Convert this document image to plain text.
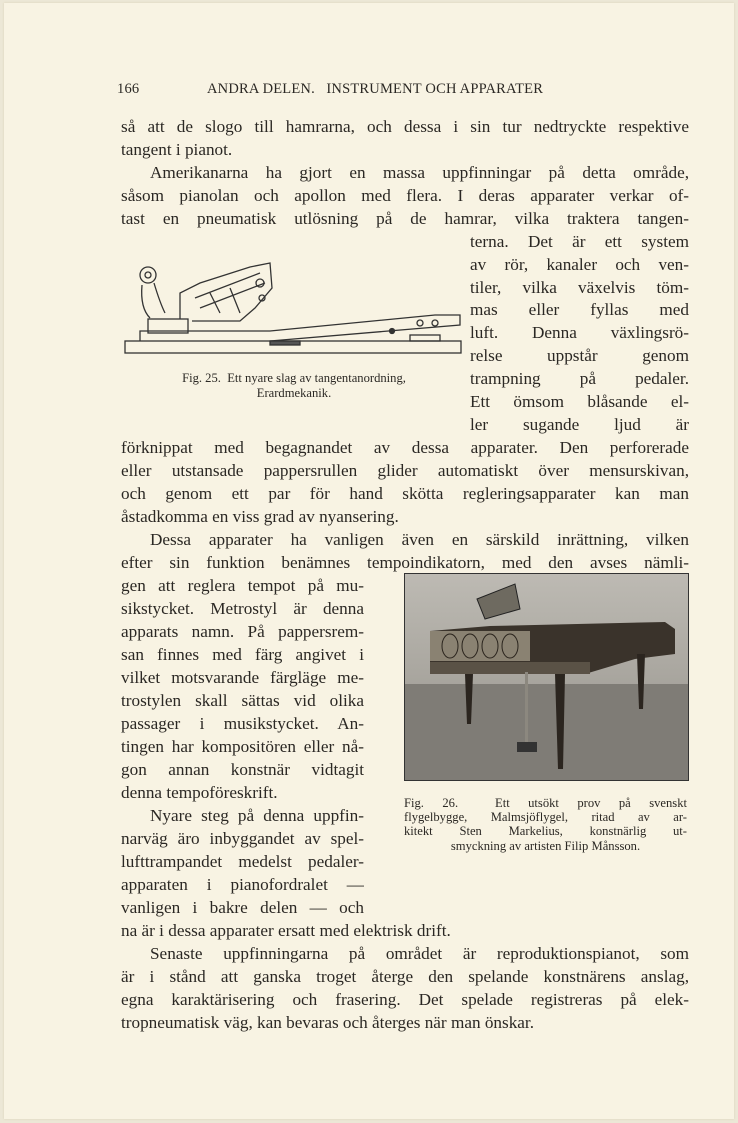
166	ANDRA DELEN.   INSTRUMENT OCH APPARATER
så att de slogo till hamrarna, och dessa i sin tur nedtryckte respektive
tangent i pianot.
Amerikanarna ha gjort en massa uppfinningar på detta område,
såsom pianolan och apollon med flera. I deras apparater verkar of-
tast en pneumatisk utlösning på de hamrar, vilka traktera tangen-
terna. Det är ett system
av rör, kanaler och ven-
tiler, vilka växelvis töm-
mas eller fyllas med
luft. Denna växlingsrö-
relse uppstår genom
trampning på pedaler.
Ett ömsom blåsande el-
ler sugande ljud är
förknippat med begagnandet av dessa apparater. Den perforerade
eller utstansade pappersrullen glider automatiskt över mensurskivan,
och genom ett par för hand skötta regleringsapparater kan man
åstadkomma en viss grad av nyansering.
Dessa apparater ha vanligen även en särskild inrättning, vilken
efter sin funktion benämnes tempoindikatorn, med den avses nämli-
gen att reglera tempot på mu-
sikstycket. Metrostyl är denna
apparats namn. På pappersrem-
san finnes med färg angivet i
vilket motsvarande färgläge me-
trostylen skall sättas vid olika
passager i musikstycket. An-
tingen har kompositören eller nå-
gon annan konstnär vidtagit
denna tempoföreskrift.
Nyare steg på denna uppfin-
narväg äro inbyggandet av spel-
lufttrampandet medelst pedaler-
apparaten i pianofordralet —
vanligen i bakre delen — och
na är i dessa apparater ersatt med elektrisk drift.
Senaste uppfinningarna på området är reproduktionspianot, som
är i stånd att ganska troget återge den spelande konstnärens anslag,
egna karaktärisering och frasering. Det spelade registreras på elek-
tropneumatisk väg, kan bevaras och återges när man önskar.
Fig. 25.  Ett nyare slag av tangentanordning,
Erardmekanik.
Fig. 26.  Ett utsökt prov på svenskt
flygelbygge, Malmsjöflygel, ritad av ar-
kitekt Sten Markelius, konstnärlig ut-
smyckning av artisten Filip Månsson.
